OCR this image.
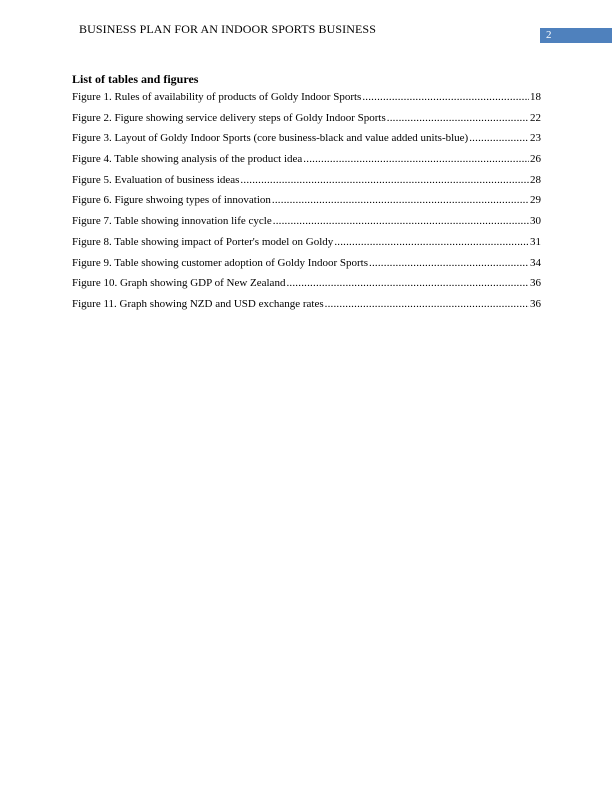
BUSINESS PLAN FOR AN INDOOR SPORTS BUSINESS	2
List of tables and figures
Figure 1. Rules of availability of products of Goldy Indoor Sports .....	18
Figure 2. Figure showing service delivery steps of Goldy Indoor Sports .....	22
Figure 3. Layout of Goldy Indoor Sports (core business-black and value added units-blue) .....	23
Figure 4. Table showing analysis of the product idea .....	26
Figure 5. Evaluation of business ideas .....	28
Figure 6. Figure shwoing types of innovation .....	29
Figure 7. Table showing innovation life cycle .....	30
Figure 8. Table showing impact of Porter's model on Goldy .....	31
Figure 9. Table showing customer adoption of Goldy Indoor Sports .....	34
Figure 10. Graph showing GDP of New Zealand .....	36
Figure 11. Graph showing NZD and USD exchange rates .....	36
